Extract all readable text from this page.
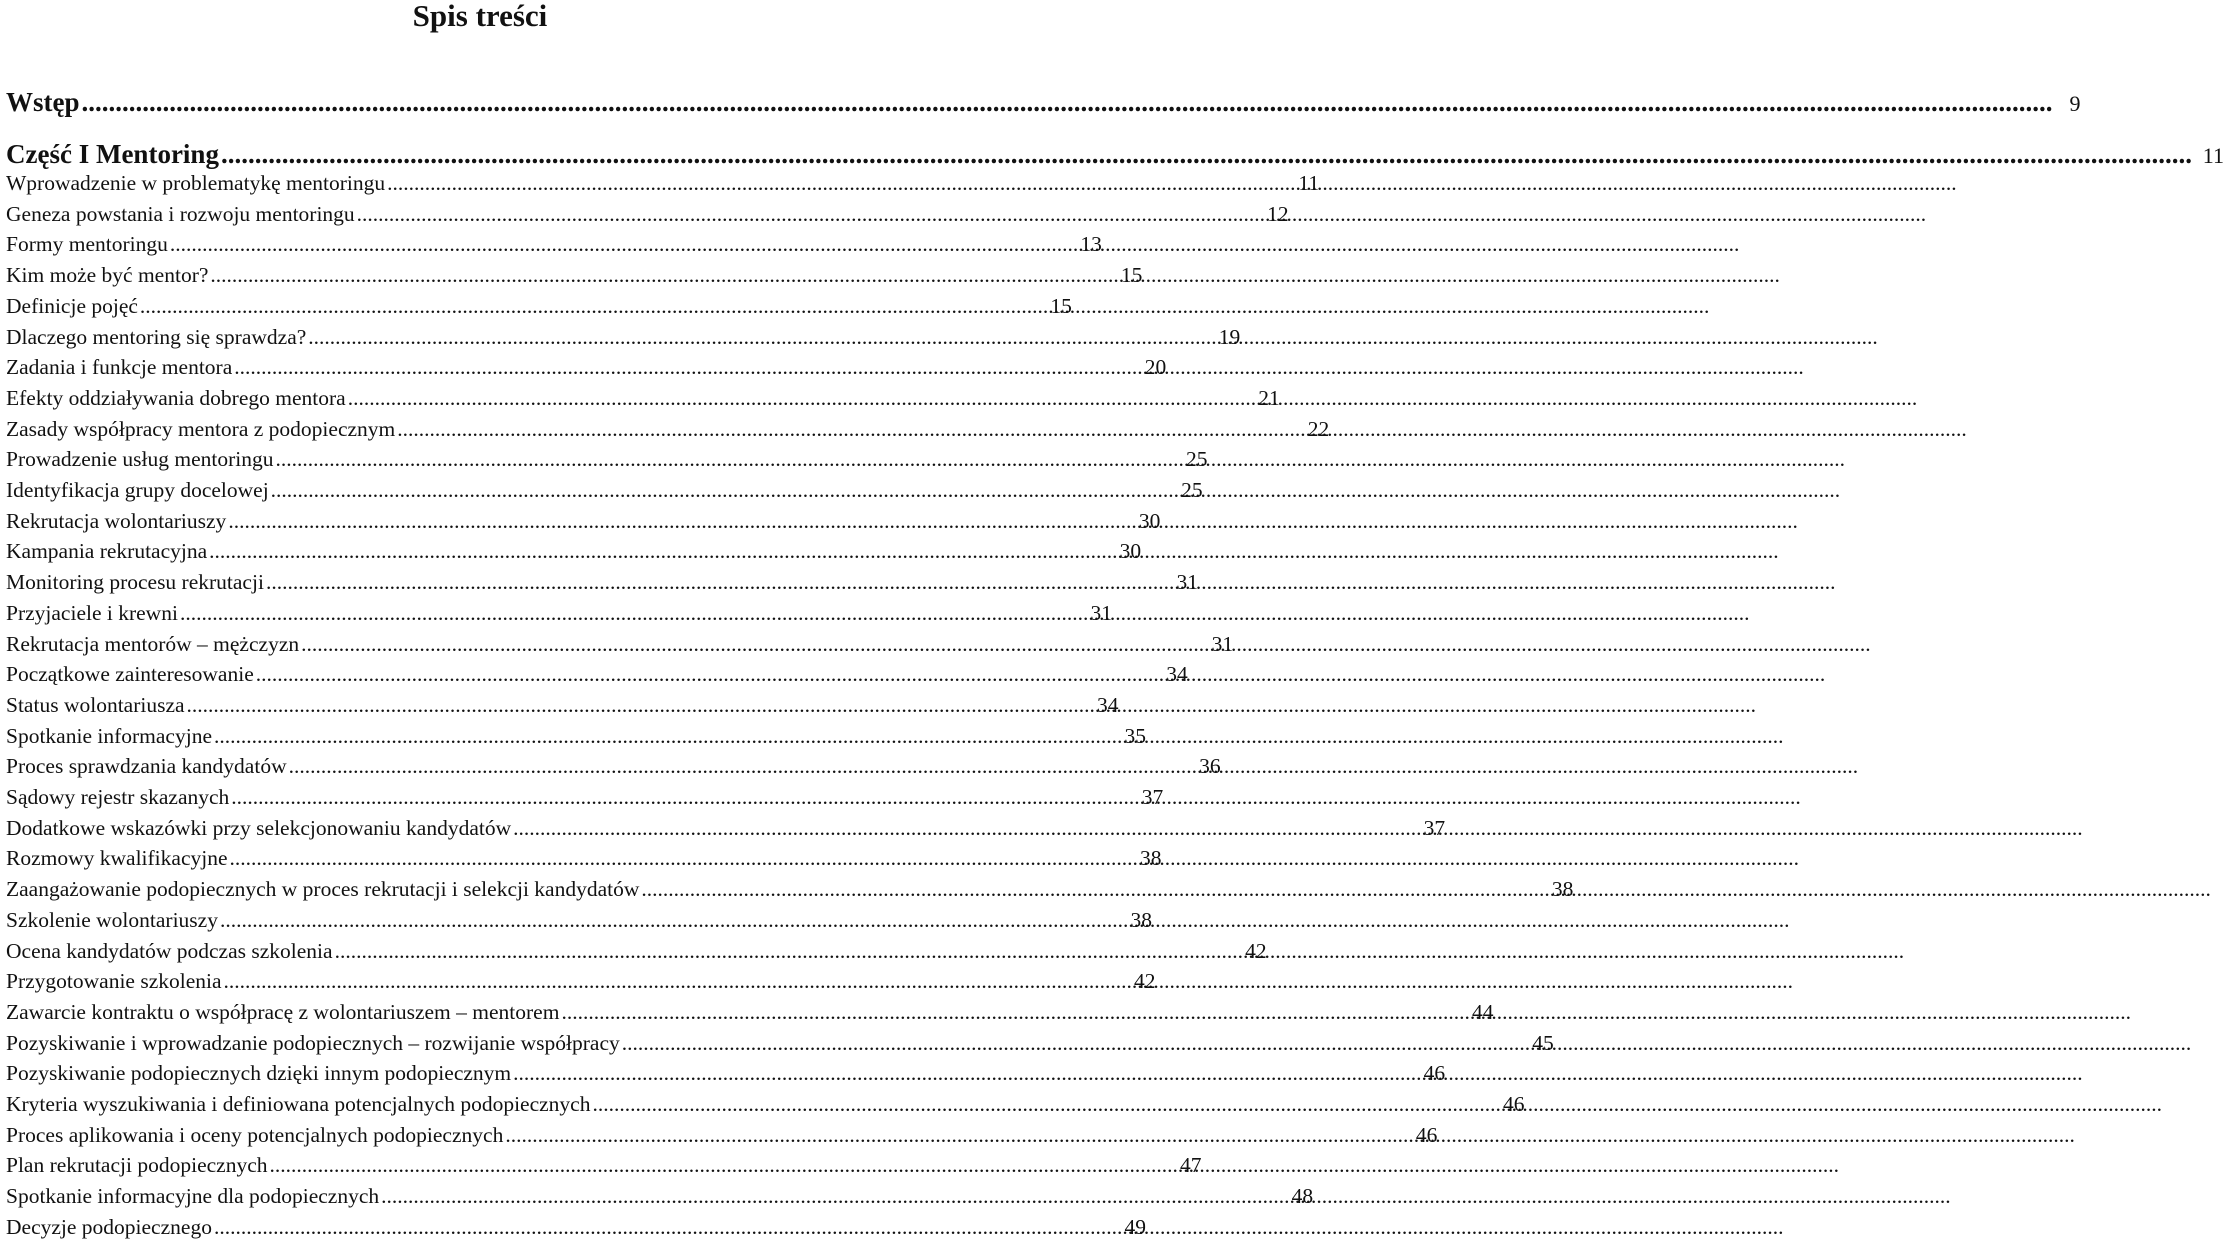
Spis treści
Wstęp .....	9
Część I Mentoring .....	11
Wprowadzenie w problematykę mentoringu .....	11
Geneza powstania i rozwoju mentoringu .....	12
Formy mentoringu .....	13
Kim może być mentor? .....	15
Definicje pojęć .....	15
Dlaczego mentoring się sprawdza? .....	19
Zadania i funkcje mentora .....	20
Efekty oddziaływania dobrego mentora .....	21
Zasady współpracy mentora z podopiecznym .....	22
Prowadzenie usług mentoringu .....	25
Identyfikacja grupy docelowej .....	25
Rekrutacja wolontariuszy .....	30
Kampania rekrutacyjna .....	30
Monitoring procesu rekrutacji .....	31
Przyjaciele i krewni .....	31
Rekrutacja mentorów – mężczyzn .....	31
Początkowe zainteresowanie .....	34
Status wolontariusza .....	34
Spotkanie informacyjne .....	35
Proces sprawdzania kandydatów .....	36
Sądowy rejestr skazanych .....	37
Dodatkowe wskazówki przy selekcjonowaniu kandydatów .....	37
Rozmowy kwalifikacyjne .....	38
Zaangażowanie podopiecznych w proces rekrutacji i selekcji kandydatów .....	38
Szkolenie wolontariuszy .....	38
Ocena kandydatów podczas szkolenia .....	42
Przygotowanie szkolenia .....	42
Zawarcie kontraktu o współpracę z wolontariuszem – mentorem .....	44
Pozyskiwanie i wprowadzanie podopiecznych – rozwijanie współpracy .....	45
Pozyskiwanie podopiecznych dzięki innym podopiecznym .....	46
Kryteria wyszukiwania i definiowana potencjalnych podopiecznych .....	46
Proces aplikowania i oceny potencjalnych podopiecznych .....	46
Plan rekrutacji podopiecznych .....	47
Spotkanie informacyjne dla podopiecznych .....	48
Decyzje podopiecznego .....	49
